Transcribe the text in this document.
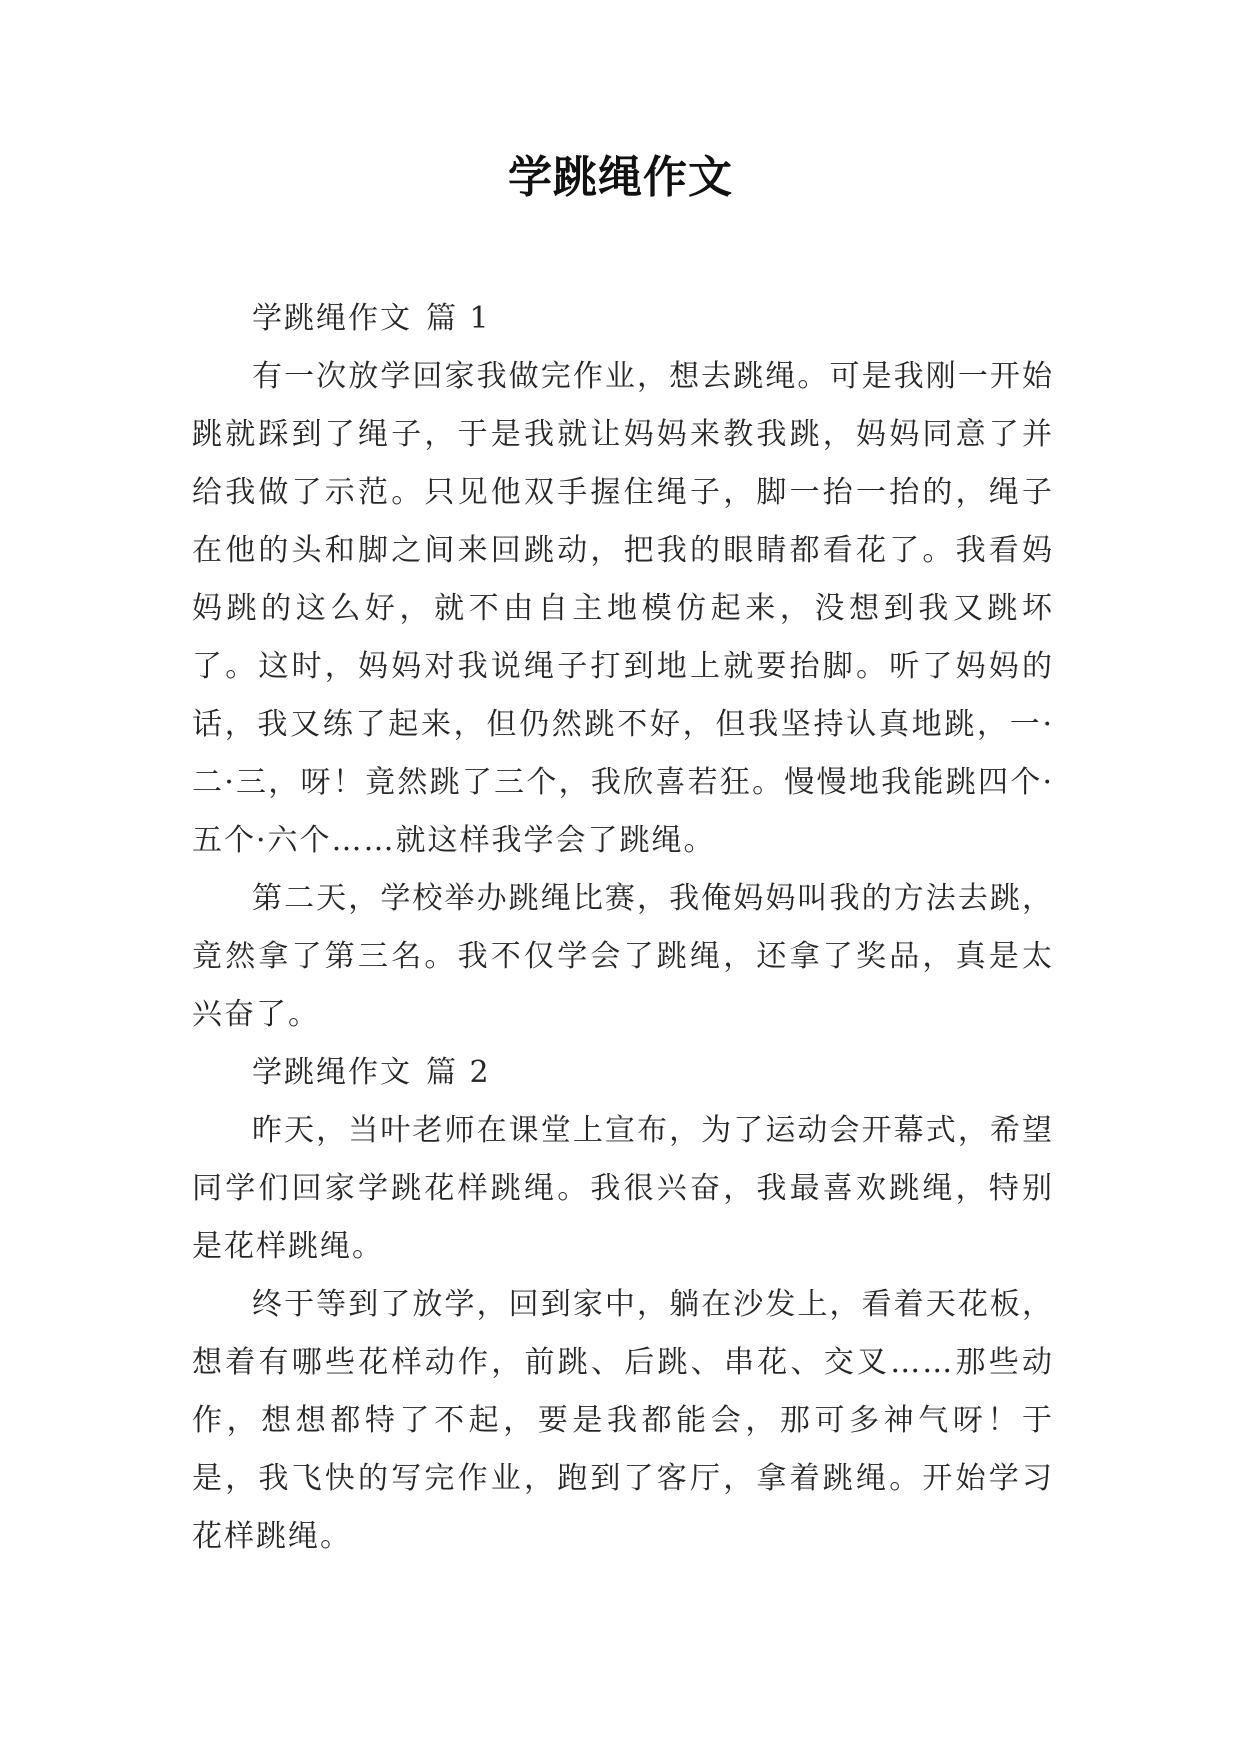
学跳绳作文

学跳绳作文 篇 1

有一次放学回家我做完作业，想去跳绳。可是我刚一开始跳就踩到了绳子，于是我就让妈妈来教我跳，妈妈同意了并给我做了示范。只见他双手握住绳子，脚一抬一抬的，绳子在他的头和脚之间来回跳动，把我的眼睛都看花了。我看妈妈跳的这么好，就不由自主地模仿起来，没想到我又跳坏了。这时，妈妈对我说绳子打到地上就要抬脚。听了妈妈的话，我又练了起来，但仍然跳不好，但我坚持认真地跳，一·二·三，呀！竟然跳了三个，我欣喜若狂。慢慢地我能跳四个·五个·六个……就这样我学会了跳绳。

第二天，学校举办跳绳比赛，我俺妈妈叫我的方法去跳，竟然拿了第三名。我不仅学会了跳绳，还拿了奖品，真是太兴奋了。

学跳绳作文 篇 2

昨天，当叶老师在课堂上宣布，为了运动会开幕式，希望同学们回家学跳花样跳绳。我很兴奋，我最喜欢跳绳，特别是花样跳绳。

终于等到了放学，回到家中，躺在沙发上，看着天花板，想着有哪些花样动作，前跳、后跳、串花、交叉……那些动作，想想都特了不起，要是我都能会，那可多神气呀！于是，我飞快的写完作业，跑到了客厅，拿着跳绳。开始学习花样跳绳。
